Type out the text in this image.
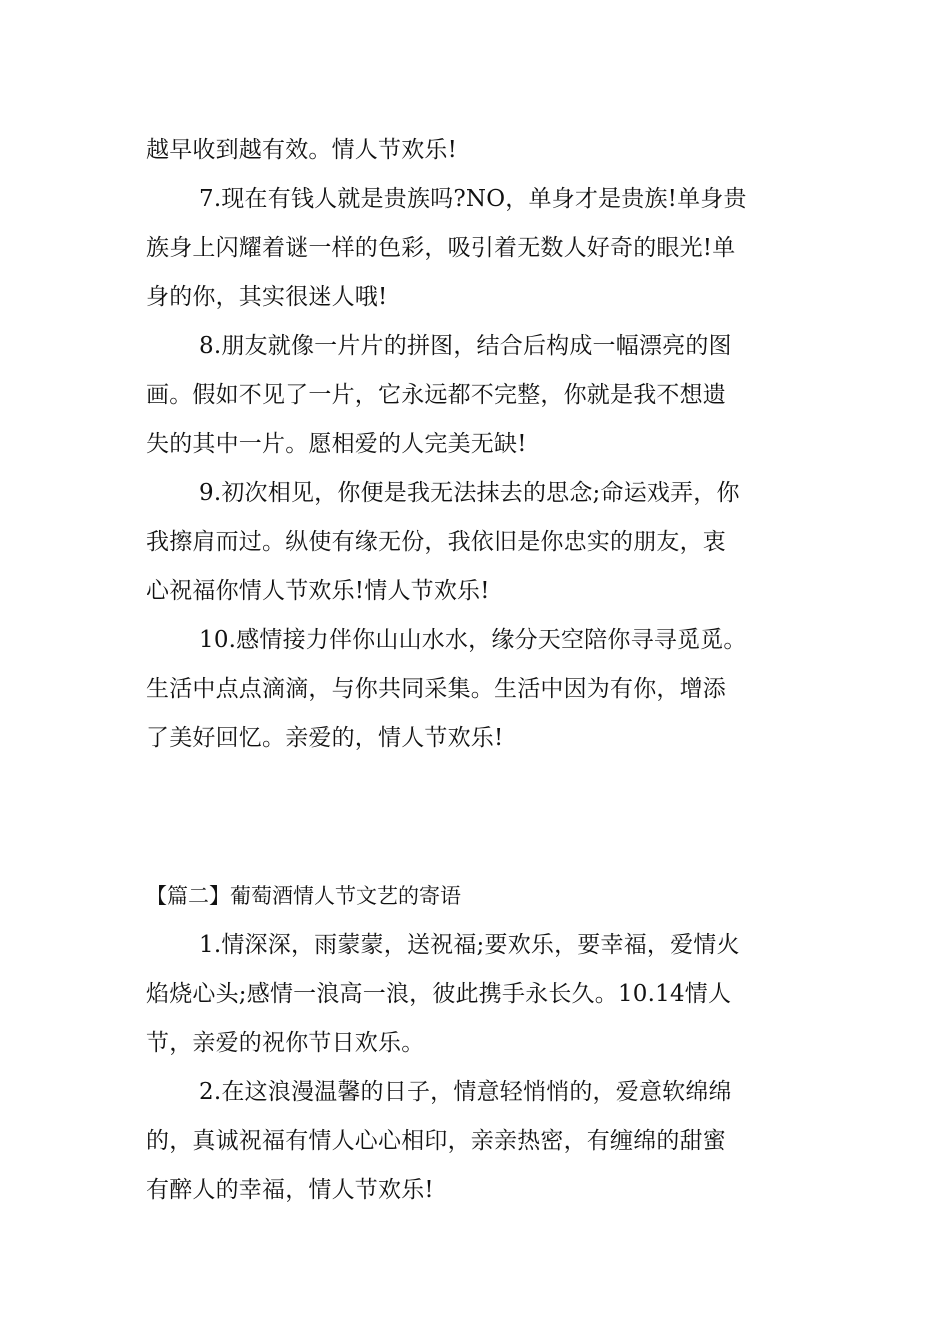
越早收到越有效。情人节欢乐!
7.现在有钱人就是贵族吗?NO，单身才是贵族!单身贵
族身上闪耀着谜一样的色彩，吸引着无数人好奇的眼光!单
身的你，其实很迷人哦!
8.朋友就像一片片的拼图，结合后构成一幅漂亮的图
画。假如不见了一片，它永远都不完整，你就是我不想遗
失的其中一片。愿相爱的人完美无缺!
9.初次相见，你便是我无法抹去的思念;命运戏弄，你
我擦肩而过。纵使有缘无份，我依旧是你忠实的朋友，衷
心祝福你情人节欢乐!情人节欢乐!
10.感情接力伴你山山水水，缘分天空陪你寻寻觅觅。
生活中点点滴滴，与你共同采集。生活中因为有你，增添
了美好回忆。亲爱的，情人节欢乐!
【篇二】葡萄酒情人节文艺的寄语
1.情深深，雨蒙蒙，送祝福;要欢乐，要幸福，爱情火
焰烧心头;感情一浪高一浪，彼此携手永长久。10.14情人
节，亲爱的祝你节日欢乐。
2.在这浪漫温馨的日子，情意轻悄悄的，爱意软绵绵
的，真诚祝福有情人心心相印，亲亲热密，有缠绵的甜蜜
有醉人的幸福，情人节欢乐!
